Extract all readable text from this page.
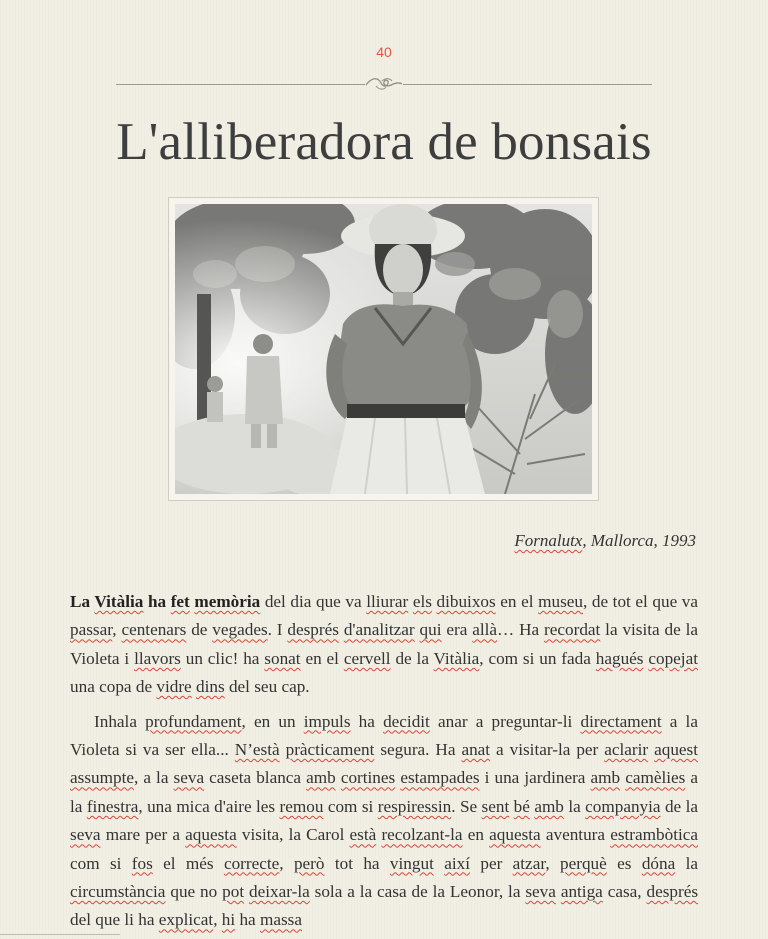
40
L'alliberadora de bonsais
Fornalutx, Mallorca, 1993

La Vitàlia ha fet memòria del dia que va lliurar els dibuixos en el museu, de tot el que va passar, centenars de vegades. I després d'analitzar qui era allà… Ha recordat la visita de la Violeta i llavors un clic! ha sonat en el cervell de la Vitàlia, com si un fada hagués copejat una copa de vidre dins del seu cap.

Inhala profundament, en un impuls ha decidit anar a preguntar-li directament a la Violeta si va ser ella... N’està pràcticament segura. Ha anat a visitar-la per aclarir aquest assumpte, a la seva caseta blanca amb cortines estampades i una jardinera amb camèlies a la finestra, una mica d'aire les remou com si respiressin. Se sent bé amb la companyia de la seva mare per a aquesta visita, la Carol està recolzant-la en aquesta aventura estrambòtica com si fos el més correcte, però tot ha vingut així per atzar, perquè es dóna la circumstància que no pot deixar-la sola a la casa de la Leonor, la seva antiga casa, després del que li ha explicat, hi ha massa
